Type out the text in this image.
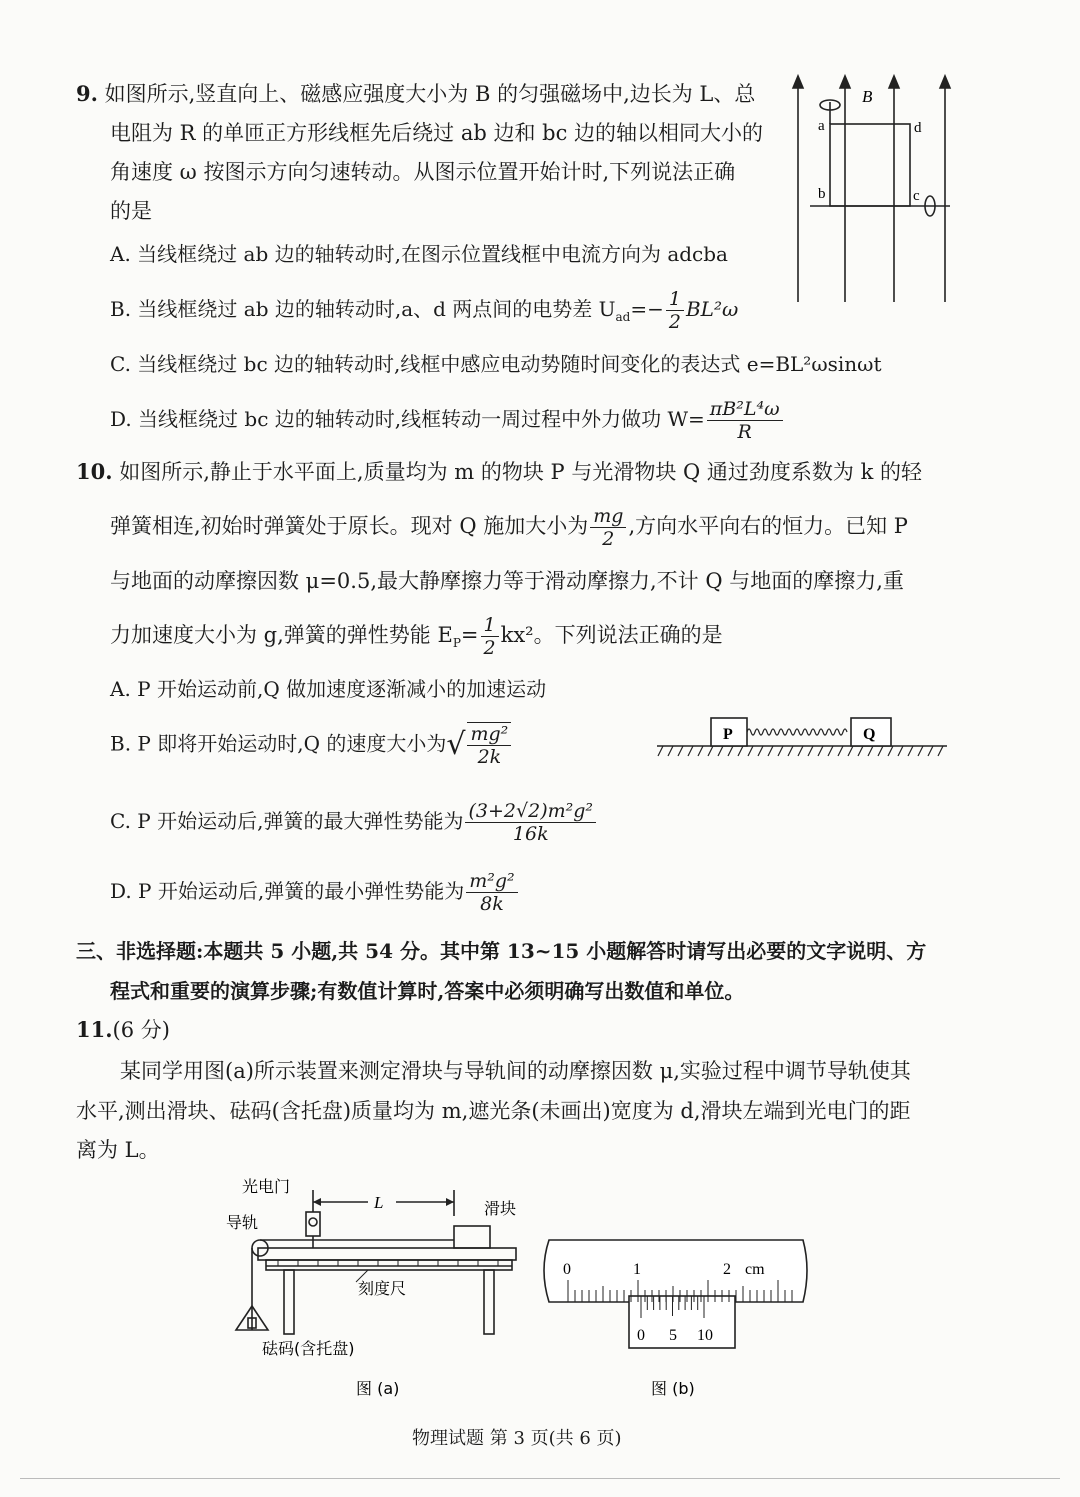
9. 如图所示,竖直向上、磁感应强度大小为 B 的匀强磁场中,边长为 L、总
电阻为 R 的单匝正方形线框先后绕过 ab 边和 bc 边的轴以相同大小的
角速度 ω 按图示方向匀速转动。从图示位置开始计时,下列说法正确
的是
A. 当线框绕过 ab 边的轴转动时,在图示位置线框中电流方向为 adcba
B. 当线框绕过 ab 边的轴转动时,a、d 两点间的电势差 $U_{ad}=- \frac{1}{2} BL^2\omega$
C. 当线框绕过 bc 边的轴转动时,线框中感应电动势随时间变化的表达式 e=BL²ωsinωt
D. 当线框绕过 bc 边的轴转动时,线框转动一周过程中外力做功 $W= \frac{\text{πB²L⁴ω}}{R}$
B
a	d
b	c
10. 如图所示,静止于水平面上,质量均为 m 的物块 P 与光滑物块 Q 通过劲度系数为 k 的轻
弹簧相连,初始时弹簧处于原长。现对 Q 施加大小为 $\frac{mg}{2}$ ,方向水平向右的恒力。已知 P
与地面的动摩擦因数 μ=0.5,最大静摩擦力等于滑动摩擦力,不计 Q 与地面的摩擦力,重
力加速度大小为 g,弹簧的弹性势能 $E_P= \frac{1}{2} kx^2$。下列说法正确的是
A. P 开始运动前,Q 做加速度逐渐减小的加速运动
B. P 即将开始运动时,Q 的速度大小为√ $\frac{\text{mg²}}{2k}$
C. P 开始运动后,弹簧的最大弹性势能为 $\frac{\text{(3+2√2)m²g²}}{16k}$
D. P 开始运动后,弹簧的最小弹性势能为 $\frac{\text{m²g²}}{8k}$
P	Q
三、非选择题:本题共 5 小题,共 54 分。其中第 13~15 小题解答时请写出必要的文字说明、方
程式和重要的演算步骤;有数值计算时,答案中必须明确写出数值和单位。
11.(6 分)
某同学用图(a)所示装置来测定滑块与导轨间的动摩擦因数 μ,实验过程中调节导轨使其
水平,测出滑块、砝码(含托盘)质量均为 m,遮光条(未画出)宽度为 d,滑块左端到光电门的距
离为 L。
光电门
导轨
L	滑块
刻度尺
砝码(含托盘)
图 (a)
0	1	2 cm
0 5 10
图 (b)
物理试题 第 3 页(共 6 页)
